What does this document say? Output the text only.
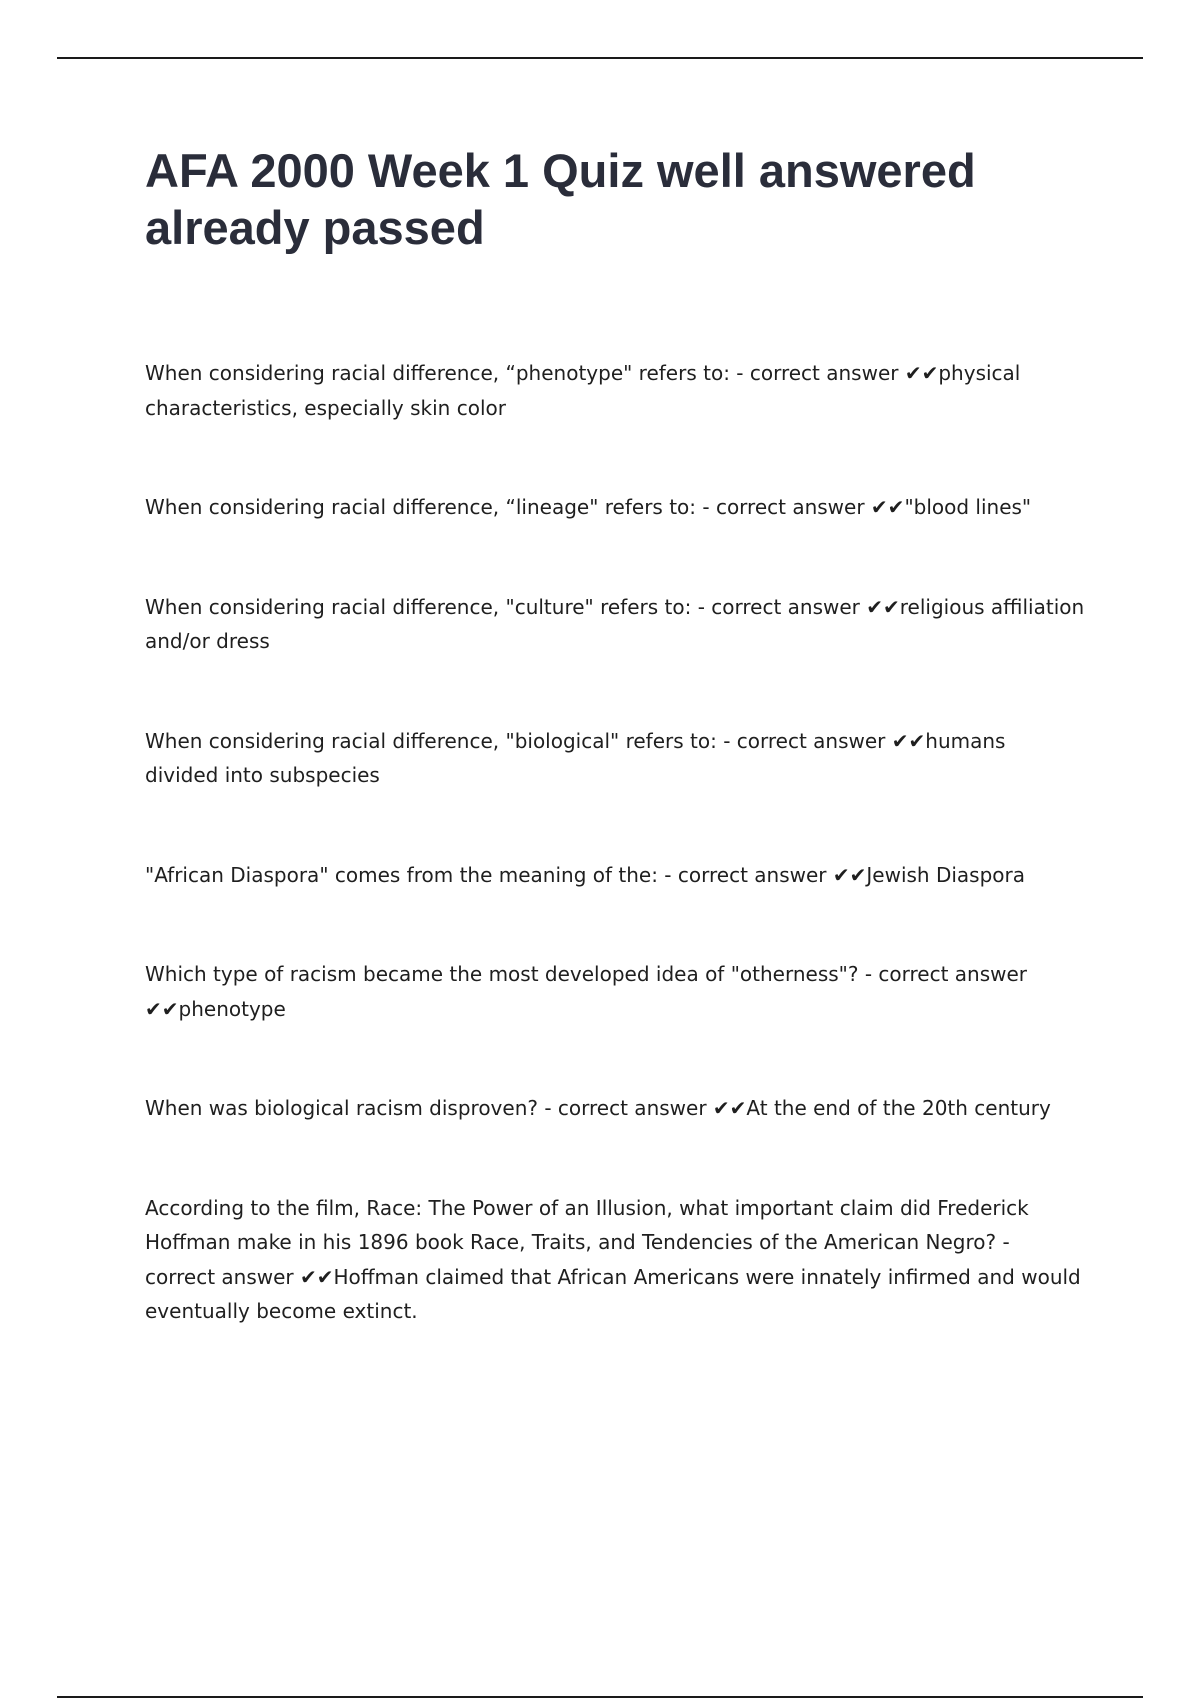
AFA 2000 Week 1 Quiz well answered already passed
When considering racial difference, “phenotype" refers to: - correct answer ✔✔physical characteristics, especially skin color
When considering racial difference, “lineage" refers to: - correct answer ✔✔"blood lines"
When considering racial difference, "culture" refers to: - correct answer ✔✔religious affiliation and/or dress
When considering racial difference, "biological" refers to: - correct answer ✔✔humans divided into subspecies
"African Diaspora" comes from the meaning of the: - correct answer ✔✔Jewish Diaspora
Which type of racism became the most developed idea of "otherness"? - correct answer ✔✔phenotype
When was biological racism disproven? - correct answer ✔✔At the end of the 20th century
According to the film, Race: The Power of an Illusion, what important claim did Frederick Hoffman make in his 1896 book Race, Traits, and Tendencies of the American Negro? - correct answer ✔✔Hoffman claimed that African Americans were innately infirmed and would eventually become extinct.
